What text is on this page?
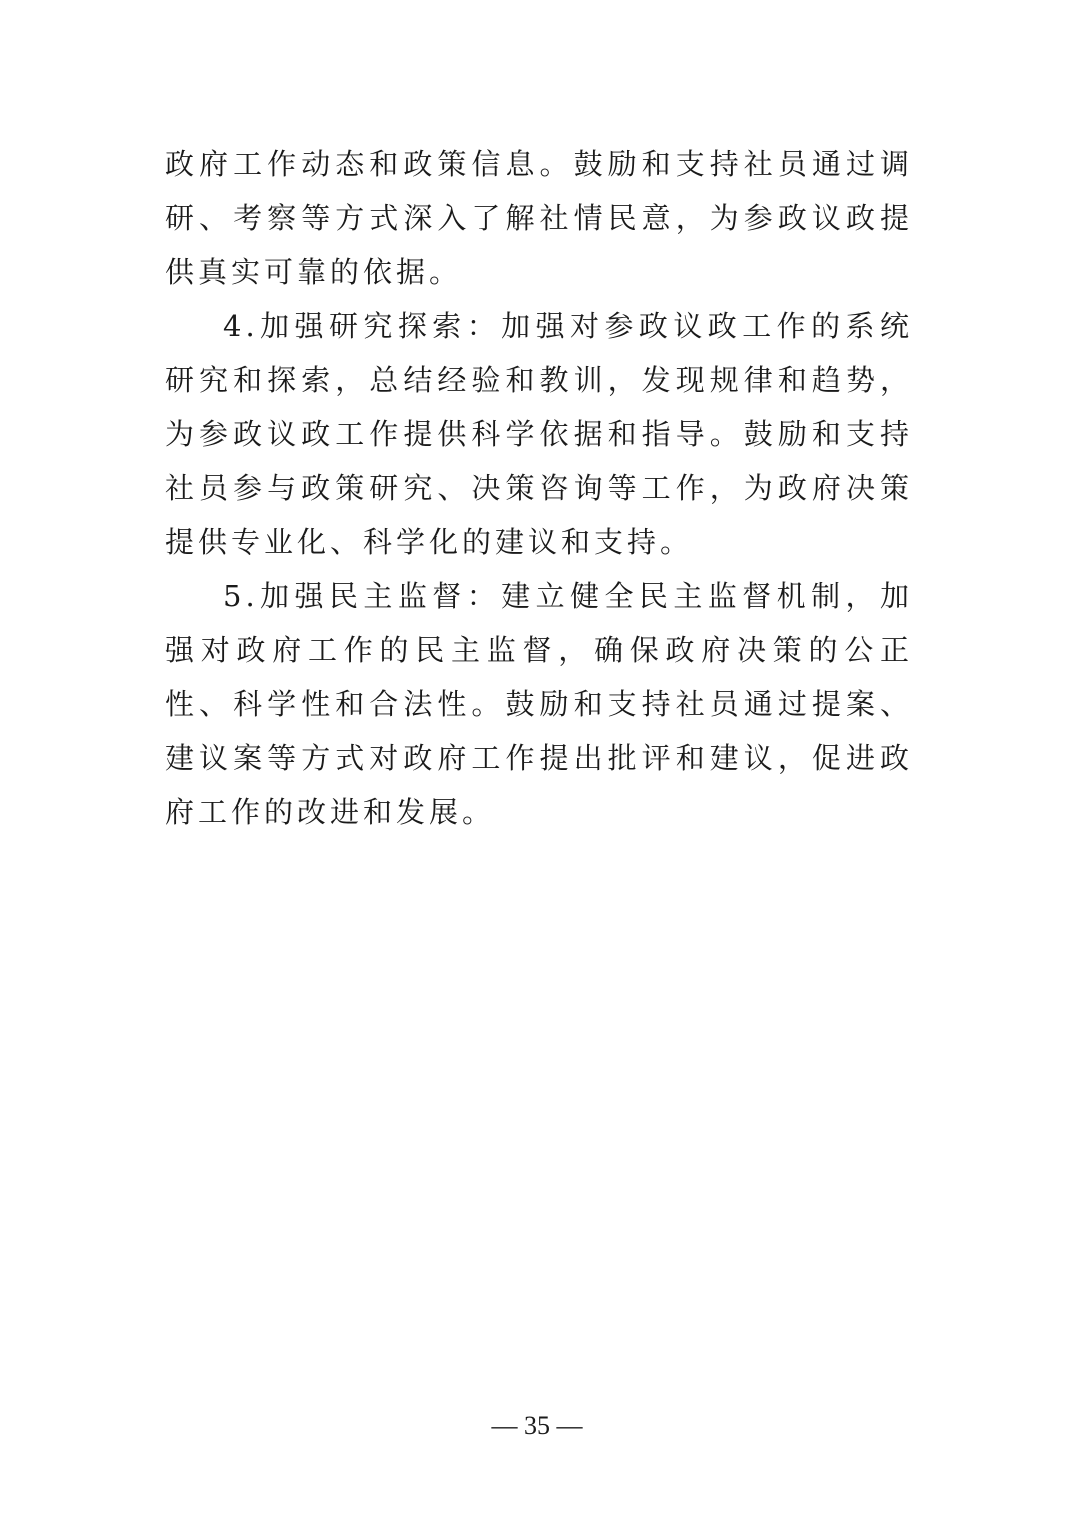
政府工作动态和政策信息。鼓励和支持社员通过调研、考察等方式深入了解社情民意，为参政议政提供真实可靠的依据。

4.加强研究探索：加强对参政议政工作的系统研究和探索，总结经验和教训，发现规律和趋势，为参政议政工作提供科学依据和指导。鼓励和支持社员参与政策研究、决策咨询等工作，为政府决策提供专业化、科学化的建议和支持。

5.加强民主监督：建立健全民主监督机制，加强对政府工作的民主监督，确保政府决策的公正性、科学性和合法性。鼓励和支持社员通过提案、建议案等方式对政府工作提出批评和建议，促进政府工作的改进和发展。

— 35 —
